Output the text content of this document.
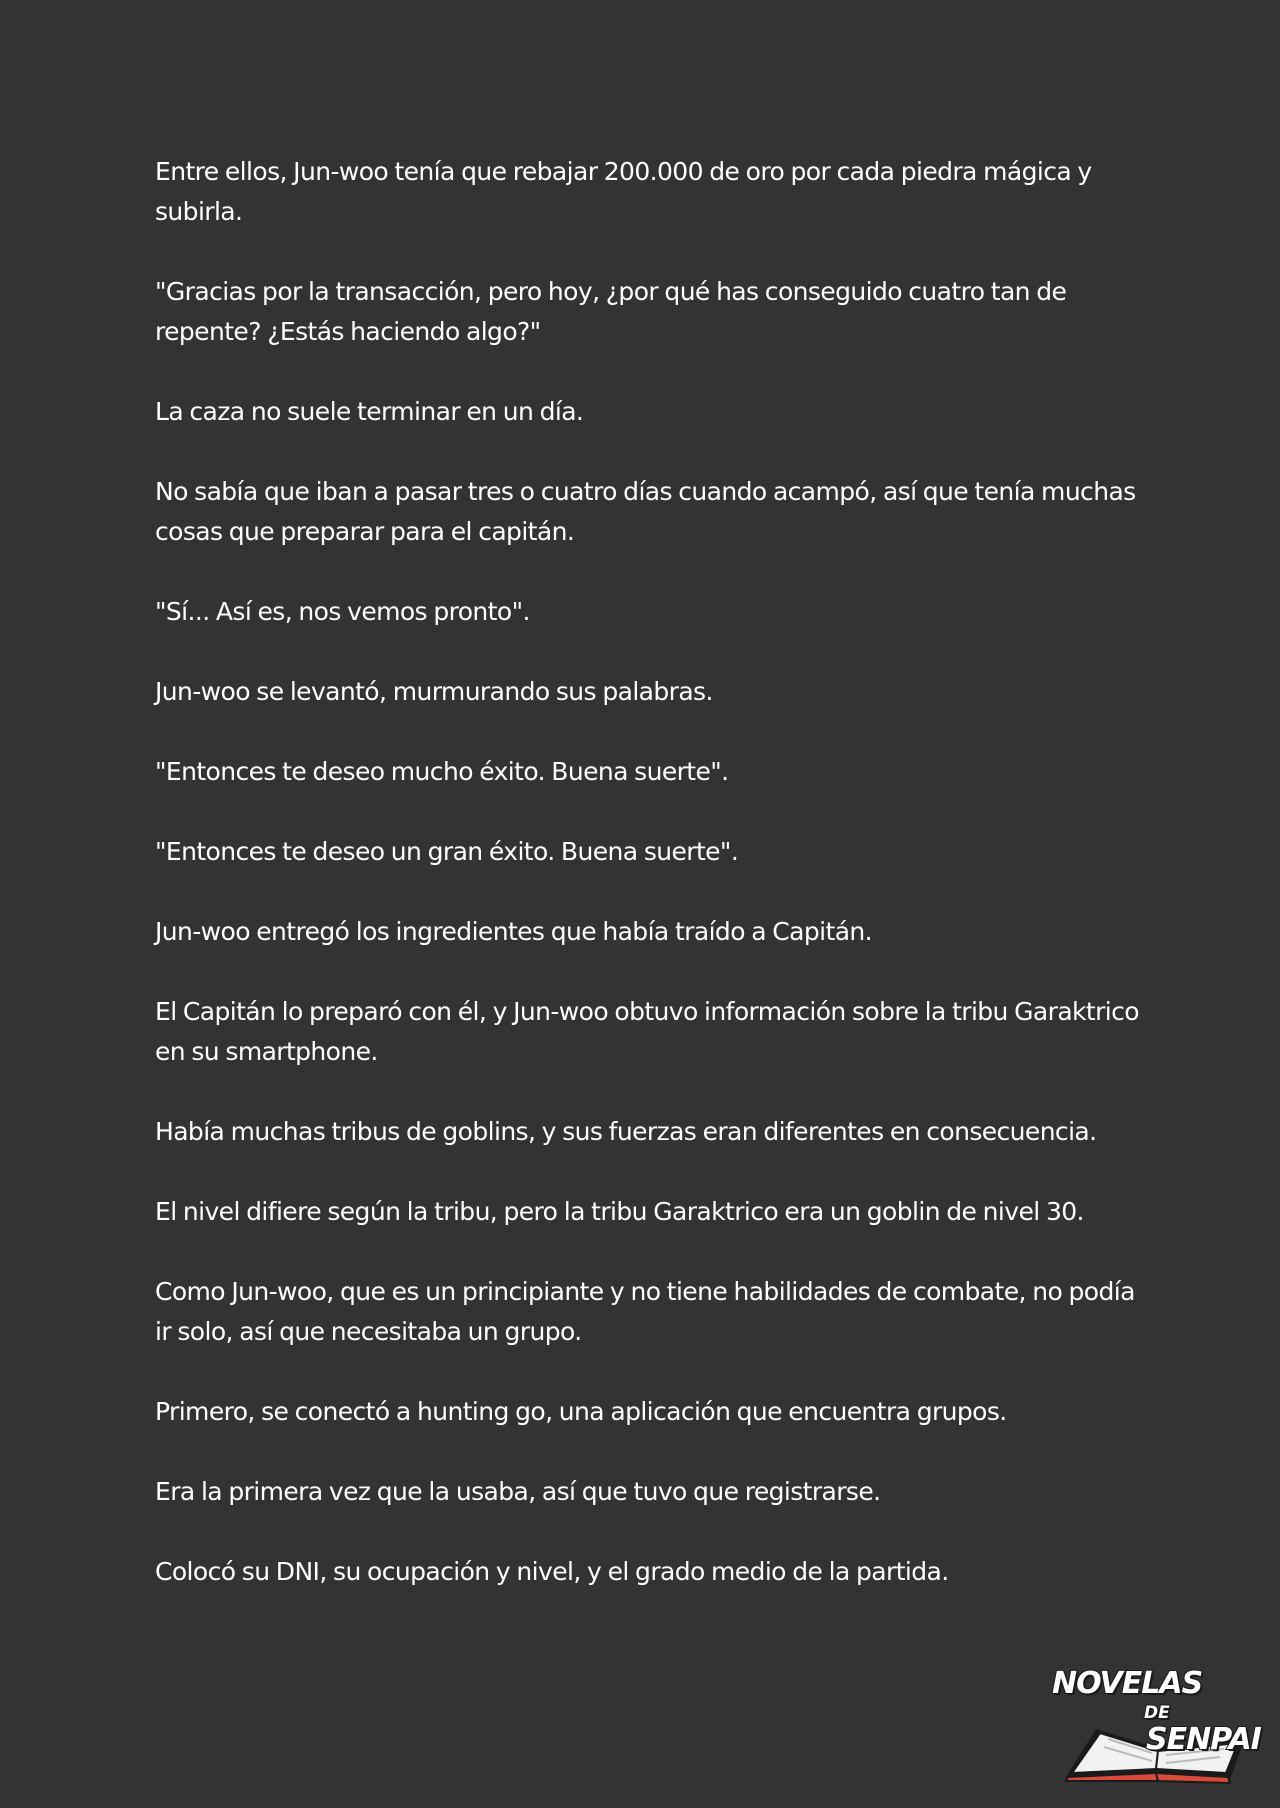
Entre ellos, Jun-woo tenía que rebajar 200.000 de oro por cada piedra mágica y subirla.

"Gracias por la transacción, pero hoy, ¿por qué has conseguido cuatro tan de repente? ¿Estás haciendo algo?"

La caza no suele terminar en un día.

No sabía que iban a pasar tres o cuatro días cuando acampó, así que tenía muchas cosas que preparar para el capitán.

"Sí... Así es, nos vemos pronto".

Jun-woo se levantó, murmurando sus palabras.

"Entonces te deseo mucho éxito. Buena suerte".

"Entonces te deseo un gran éxito. Buena suerte".

Jun-woo entregó los ingredientes que había traído a Capitán.

El Capitán lo preparó con él, y Jun-woo obtuvo información sobre la tribu Garaktrico en su smartphone.

Había muchas tribus de goblins, y sus fuerzas eran diferentes en consecuencia.

El nivel difiere según la tribu, pero la tribu Garaktrico era un goblin de nivel 30.

Como Jun-woo, que es un principiante y no tiene habilidades de combate, no podía ir solo, así que necesitaba un grupo.

Primero, se conectó a hunting go, una aplicación que encuentra grupos.

Era la primera vez que la usaba, así que tuvo que registrarse.

Colocó su DNI, su ocupación y nivel, y el grado medio de la partida.

NOVELAS
DE
SENPAI
